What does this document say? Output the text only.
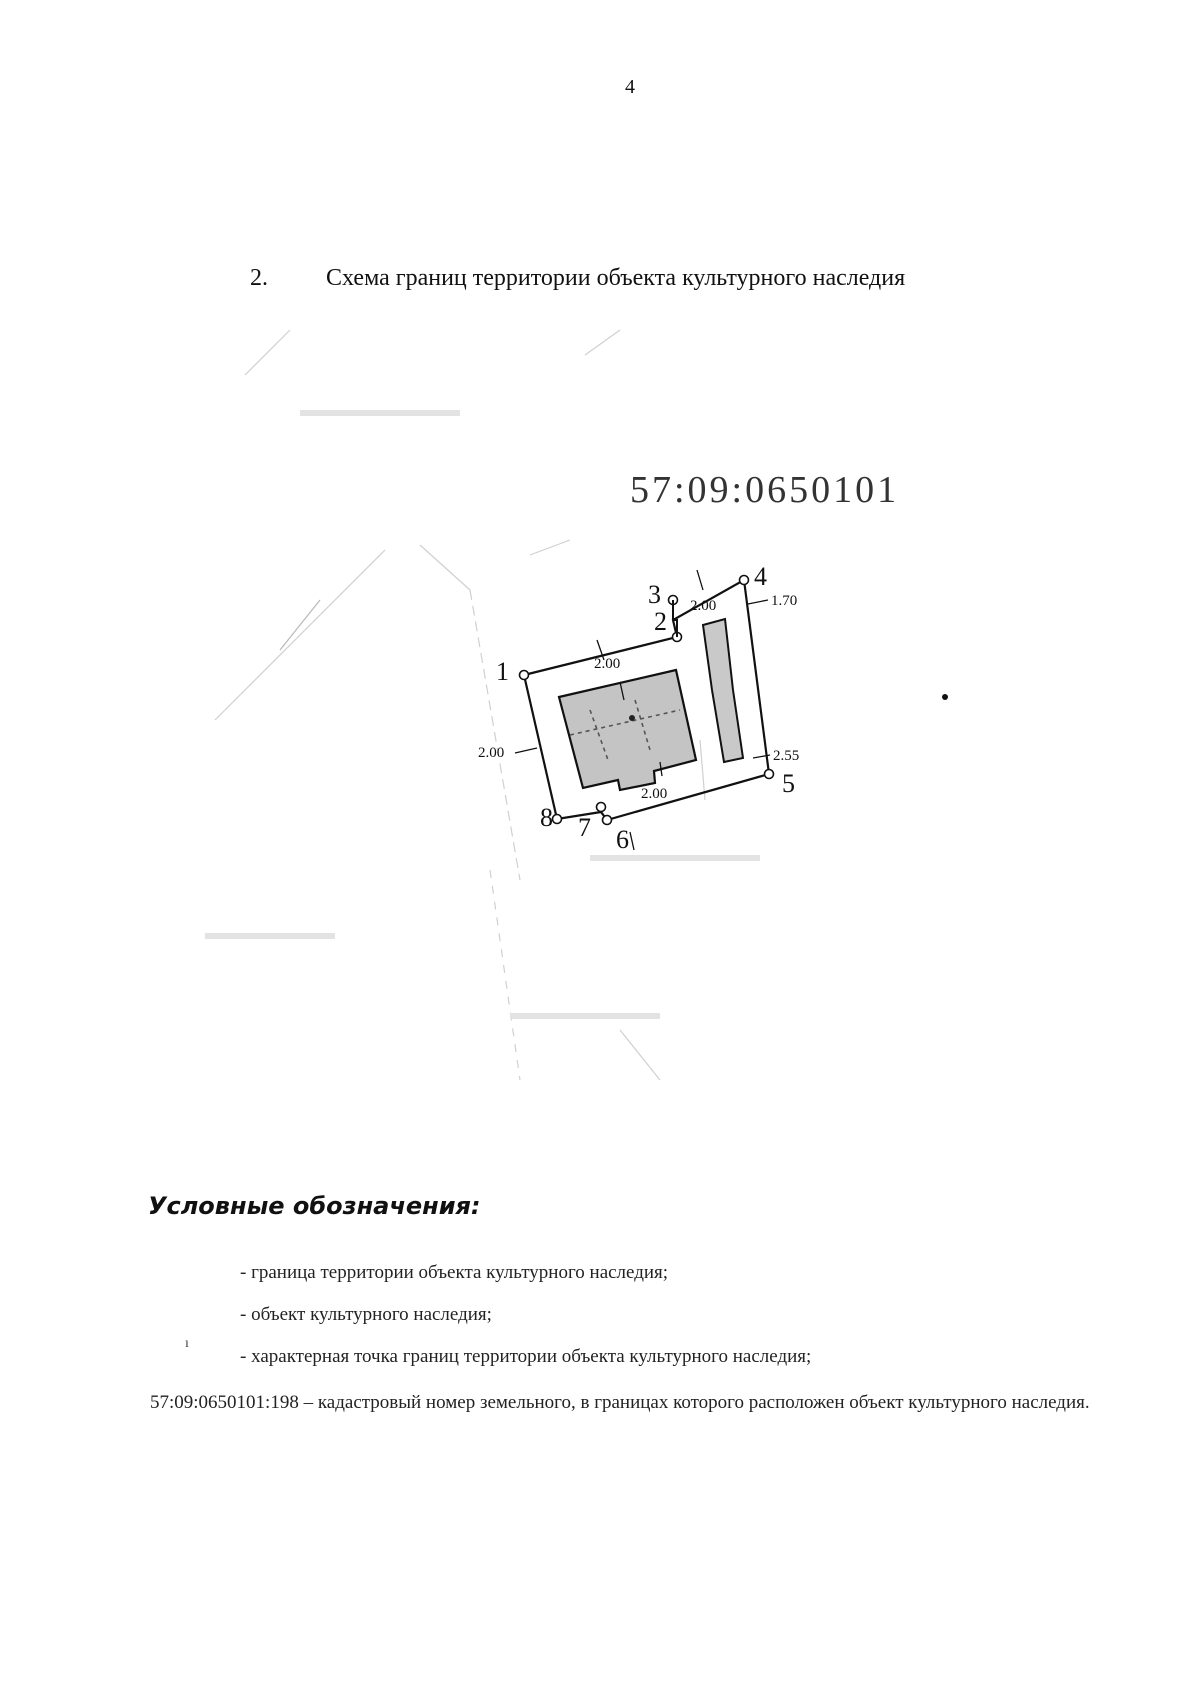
4
2. Схема границ территории объекта культурного наследия
57:09:0650101
1
2
3
4
5
6
7
8
2.00
2.00	1.70
2.00	2.55
2.00
Условные обозначения:
- граница территории объекта культурного наследия;
- объект культурного наследия;
ı
- характерная точка границ территории объекта культурного наследия;
57:09:0650101:198 – кадастровый номер земельного, в границах которого расположен объект культурного наследия.
